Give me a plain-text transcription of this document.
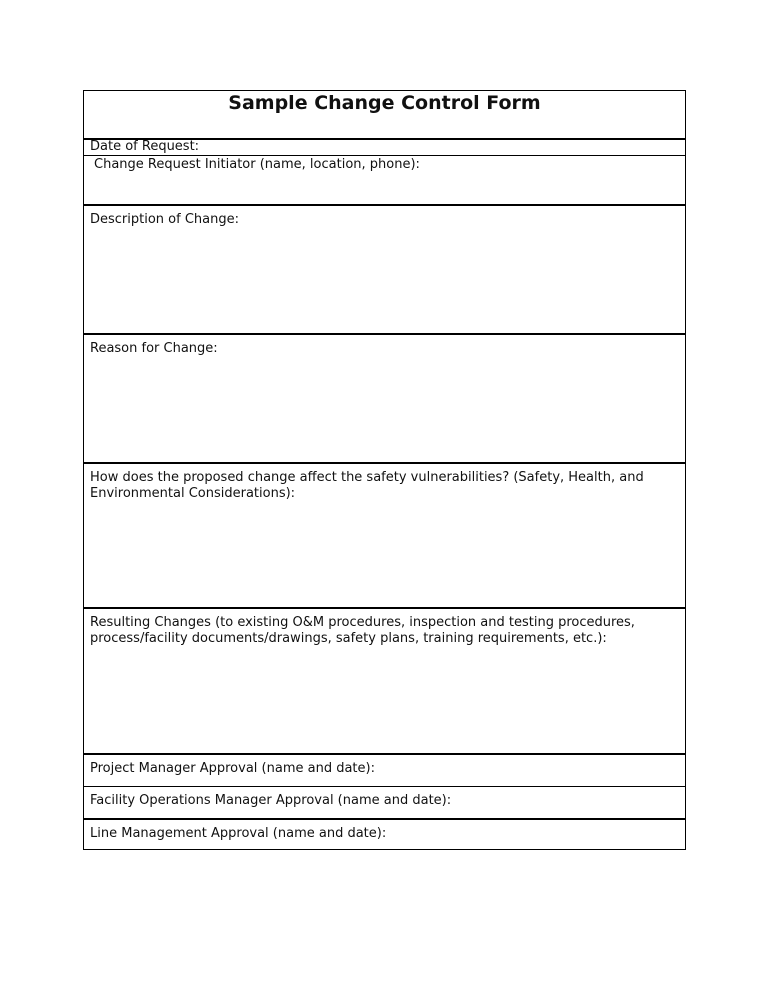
Sample Change Control Form
Date of Request:
Change Request Initiator (name, location, phone):
Description of Change:
Reason for Change:
How does the proposed change affect the safety vulnerabilities? (Safety, Health, and Environmental Considerations):
Resulting Changes (to existing O&M procedures, inspection and testing procedures, process/facility documents/drawings, safety plans, training requirements, etc.):
Project Manager Approval (name and date):
Facility Operations Manager Approval (name and date):
Line Management Approval (name and date):
